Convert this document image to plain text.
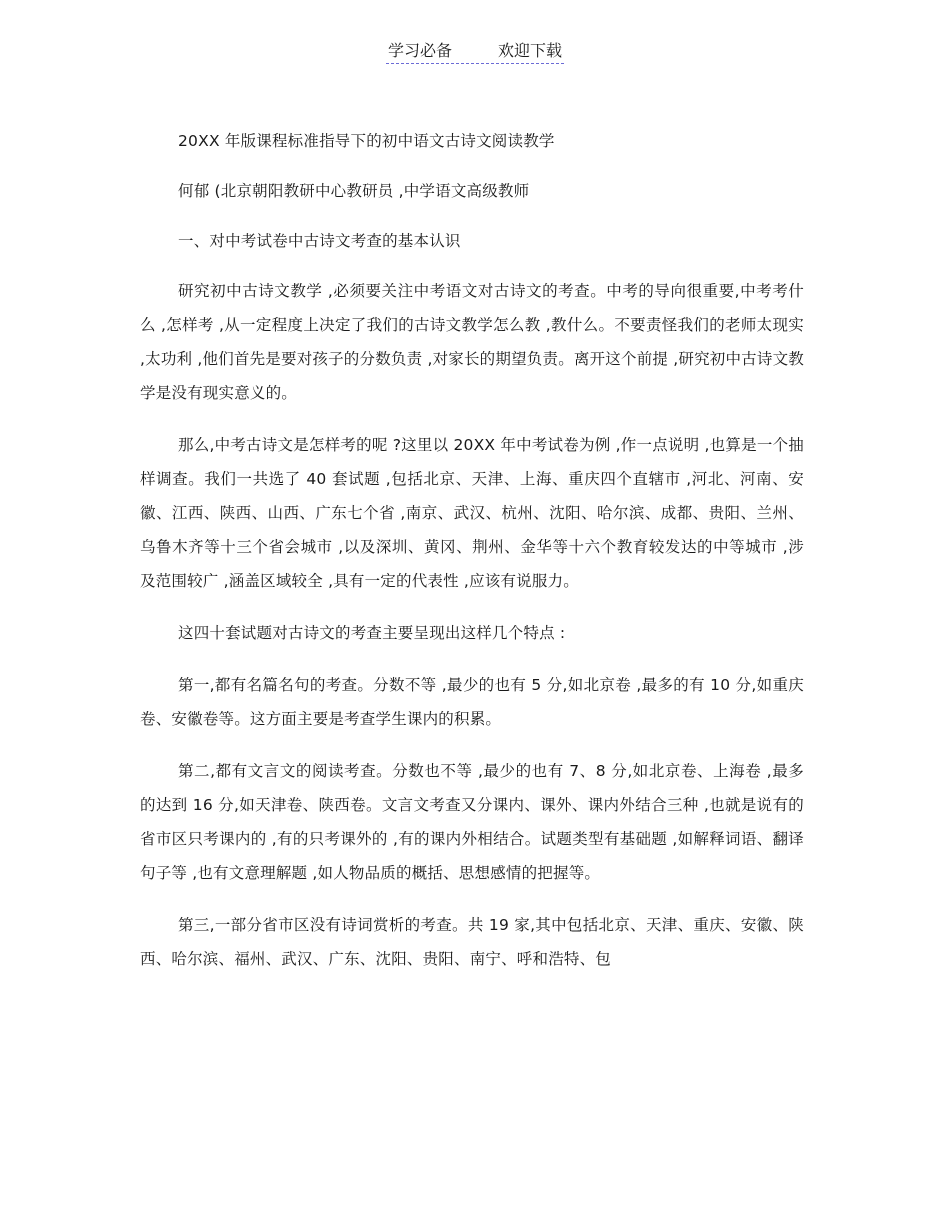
学习必备	欢迎下载

20XX 年版课程标准指导下的初中语文古诗文阅读教学

何郁 (北京朝阳教研中心教研员 ,中学语文高级教师

一、对中考试卷中古诗文考查的基本认识

研究初中古诗文教学 ,必须要关注中考语文对古诗文的考查。中考的导向很重要,中考考什么 ,怎样考 ,从一定程度上决定了我们的古诗文教学怎么教 ,教什么。不要责怪我们的老师太现实 ,太功利 ,他们首先是要对孩子的分数负责 ,对家长的期望负责。离开这个前提 ,研究初中古诗文教学是没有现实意义的。

那么,中考古诗文是怎样考的呢 ?这里以 20XX 年中考试卷为例 ,作一点说明 ,也算是一个抽样调查。我们一共选了 40 套试题 ,包括北京、天津、上海、重庆四个直辖市 ,河北、河南、安徽、江西、陕西、山西、广东七个省 ,南京、武汉、杭州、沈阳、哈尔滨、成都、贵阳、兰州、乌鲁木齐等十三个省会城市 ,以及深圳、黄冈、荆州、金华等十六个教育较发达的中等城市 ,涉及范围较广 ,涵盖区域较全 ,具有一定的代表性 ,应该有说服力。

这四十套试题对古诗文的考查主要呈现出这样几个特点 :

第一,都有名篇名句的考查。分数不等 ,最少的也有 5 分,如北京卷 ,最多的有 10 分,如重庆卷、安徽卷等。这方面主要是考查学生课内的积累。

第二,都有文言文的阅读考查。分数也不等 ,最少的也有 7、8 分,如北京卷、上海卷 ,最多的达到 16 分,如天津卷、陕西卷。文言文考查又分课内、课外、课内外结合三种 ,也就是说有的省市区只考课内的 ,有的只考课外的 ,有的课内外相结合。试题类型有基础题 ,如解释词语、翻译句子等 ,也有文意理解题 ,如人物品质的概括、思想感情的把握等。

第三,一部分省市区没有诗词赏析的考查。共 19 家,其中包括北京、天津、重庆、安徽、陕西、哈尔滨、福州、武汉、广东、沈阳、贵阳、南宁、呼和浩特、包
